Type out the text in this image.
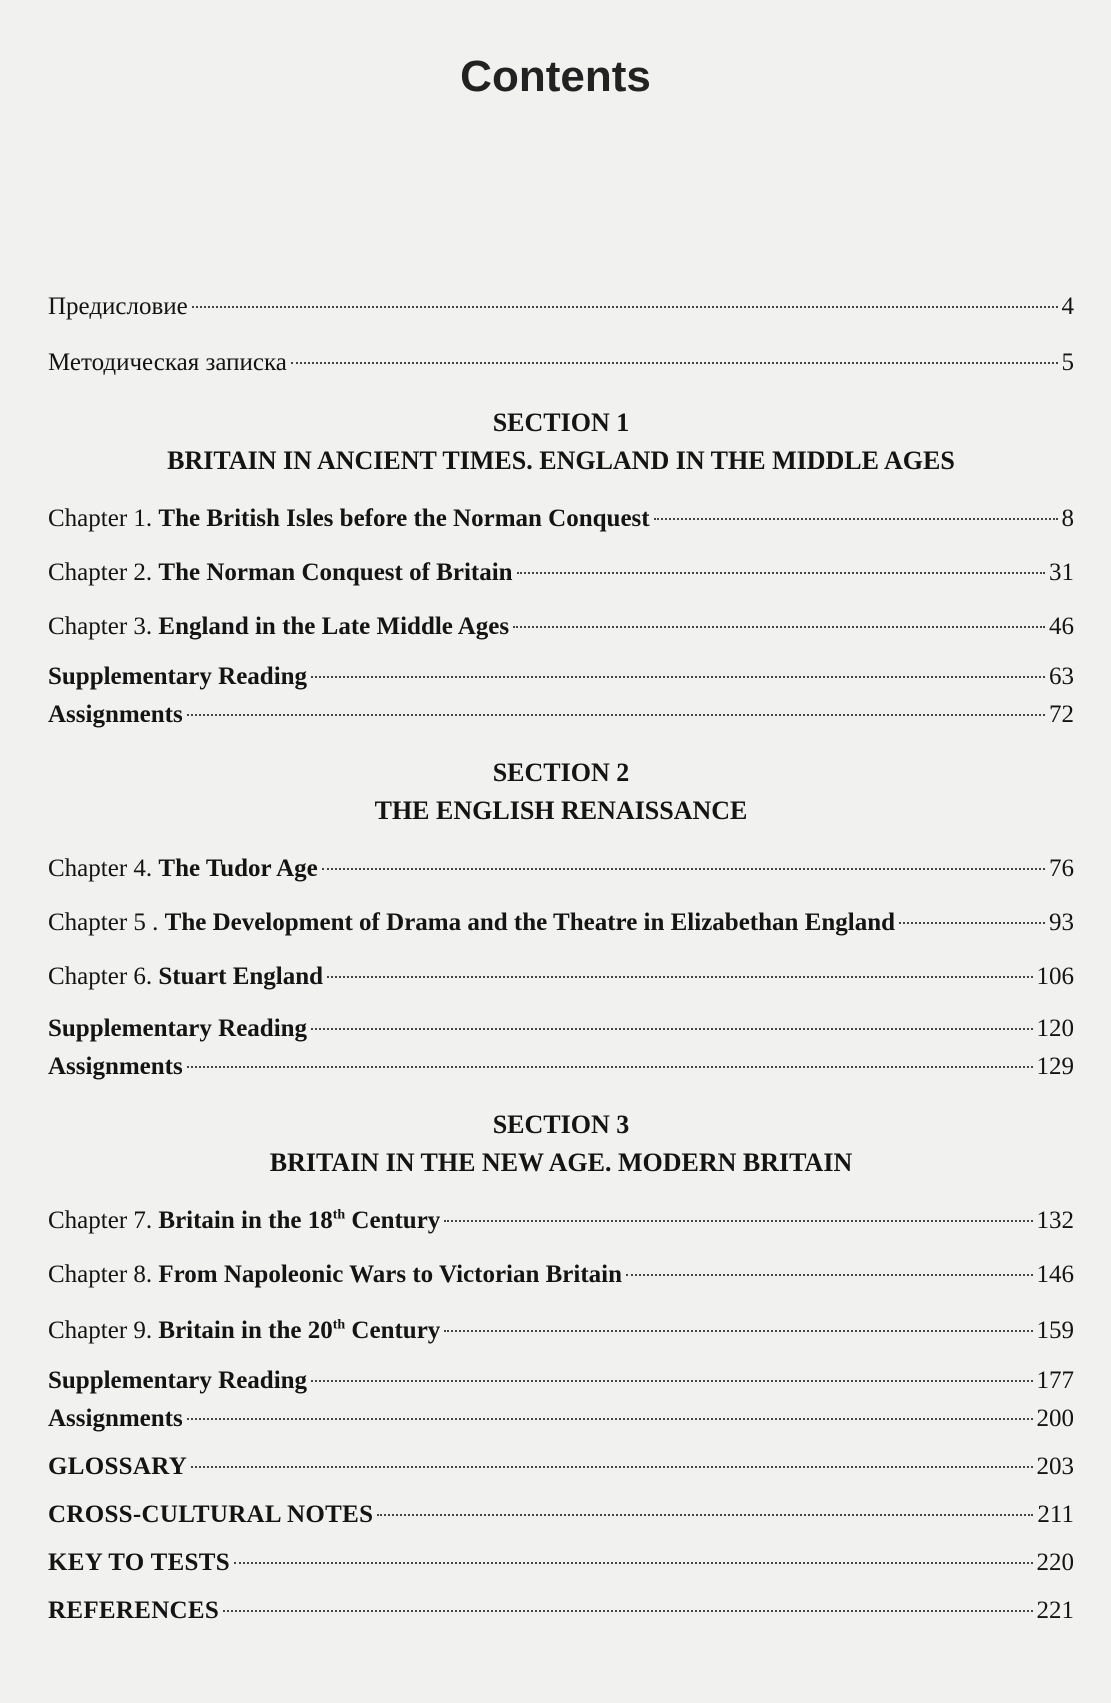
Contents
Предисловие	4
Методическая записка	5
SECTION 1
BRITAIN IN ANCIENT TIMES. ENGLAND IN THE MIDDLE AGES
Chapter 1. The British Isles before the Norman Conquest	8
Chapter 2. The Norman Conquest of Britain	31
Chapter 3. England in the Late Middle Ages	46
Supplementary Reading	63
Assignments	72
SECTION 2
THE ENGLISH RENAISSANCE
Chapter 4. The Tudor Age	76
Chapter 5 . The Development of Drama and the Theatre in Elizabethan England	93
Chapter 6. Stuart England	106
Supplementary Reading	120
Assignments	129
SECTION 3
BRITAIN IN THE NEW AGE. MODERN BRITAIN
Chapter 7. Britain in the 18th Century	132
Chapter 8. From Napoleonic Wars to Victorian Britain	146
Chapter 9. Britain in the 20th Century	159
Supplementary Reading	177
Assignments	200
GLOSSARY	203
CROSS-CULTURAL NOTES	211
KEY TO TESTS	220
REFERENCES	221
